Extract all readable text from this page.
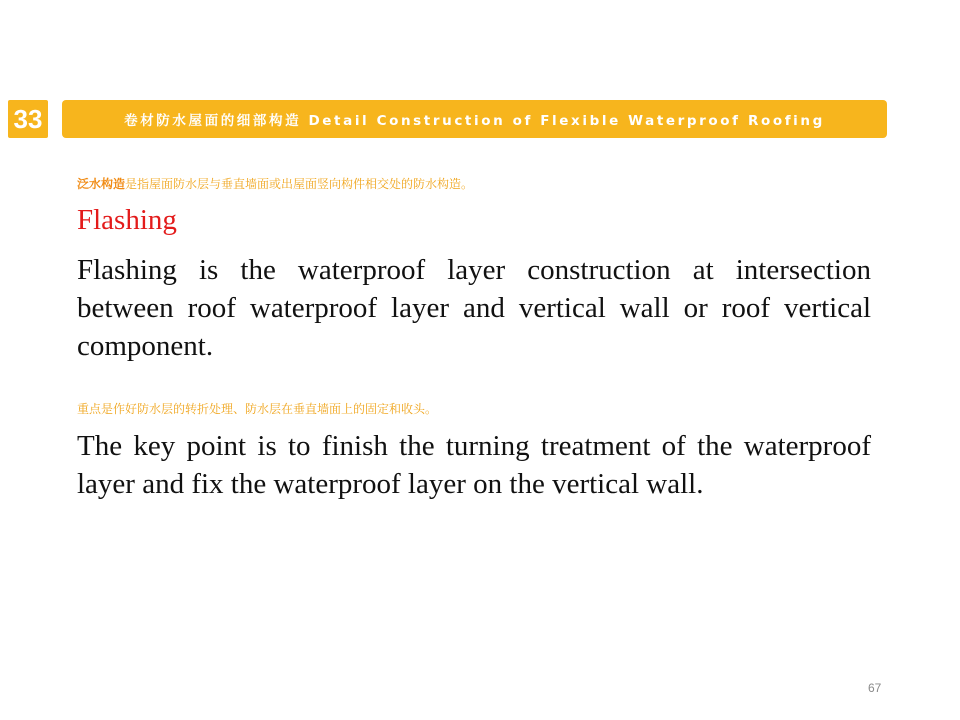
33	卷材防水屋面的细部构造 Detail Construction of Flexible Waterproof Roofing
泛水构造是指屋面防水层与垂直墙面或出屋面竖向构件相交处的防水构造。
Flashing
Flashing is the waterproof layer construction at intersection between roof waterproof layer and vertical wall or roof vertical component.
重点是作好防水层的转折处理、防水层在垂直墙面上的固定和收头。
The key point is to finish the turning treatment of the waterproof layer and fix the waterproof layer on the vertical wall.
67
